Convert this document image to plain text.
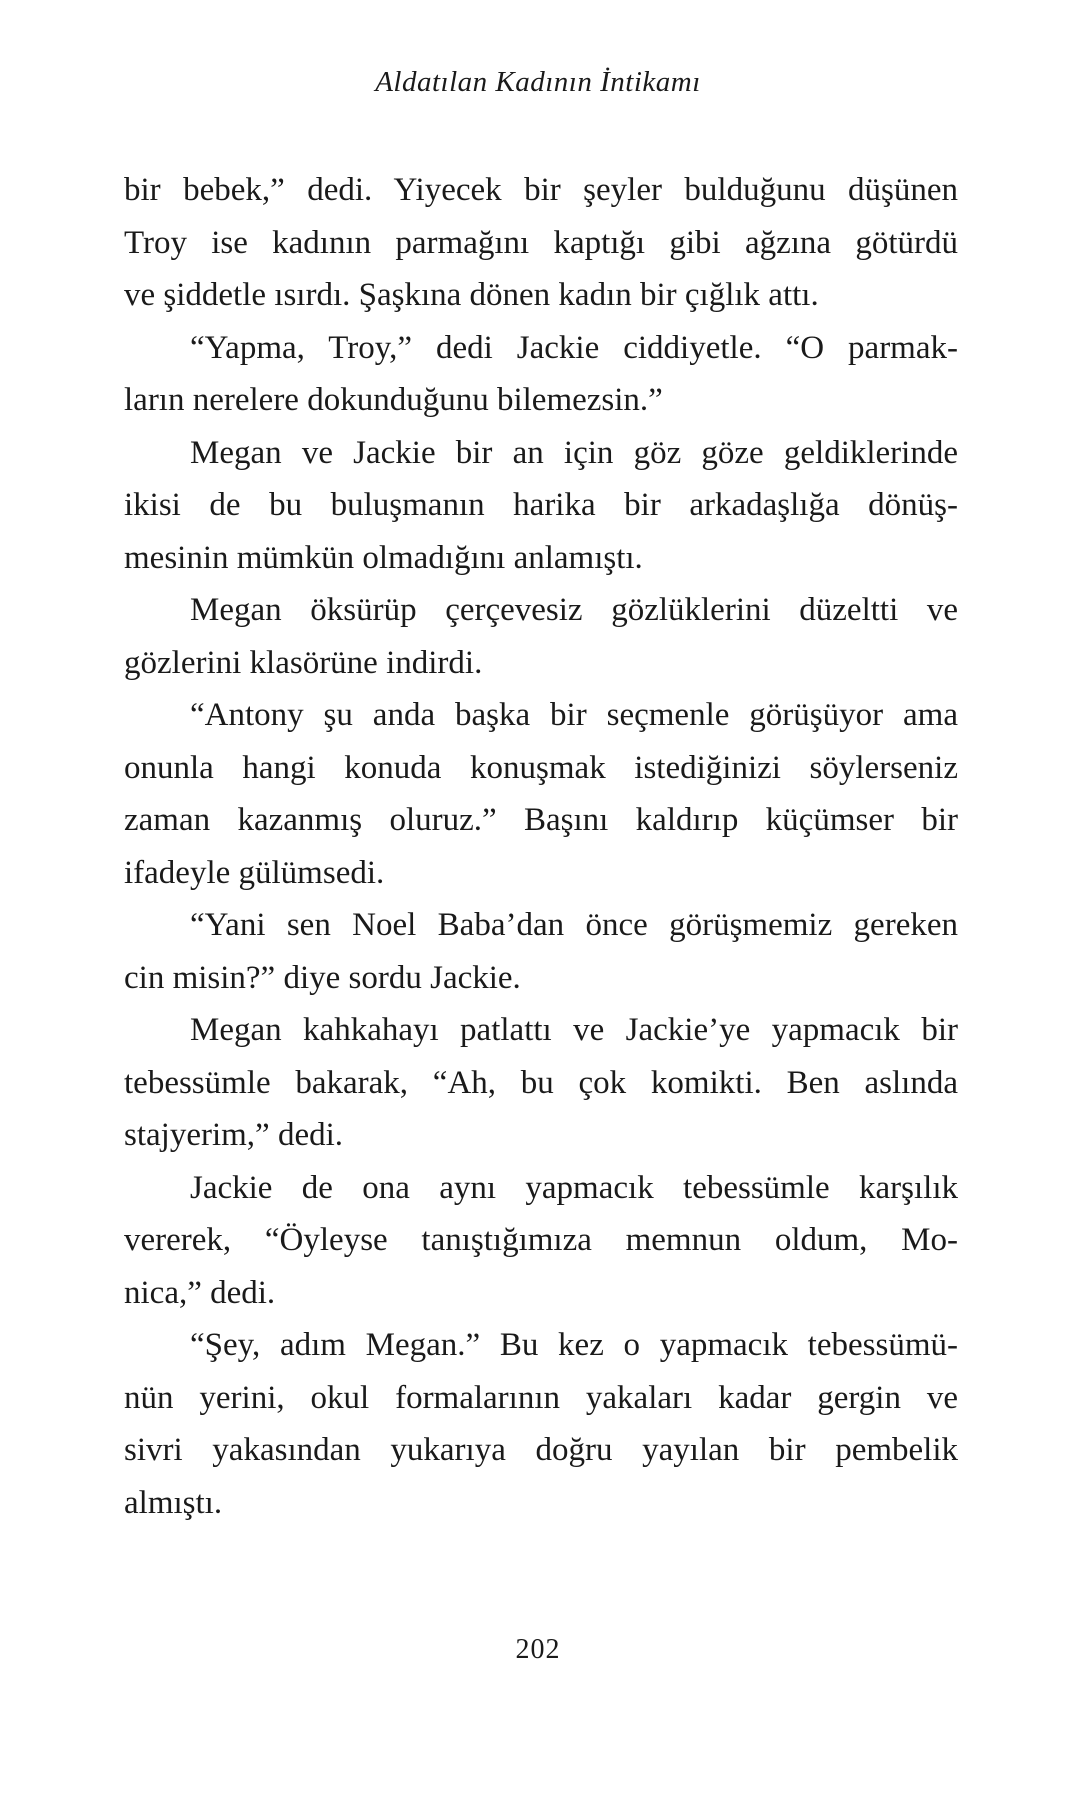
Aldatılan Kadının İntikamı
bir bebek,” dedi. Yiyecek bir şeyler bulduğunu düşünen
Troy ise kadının parmağını kaptığı gibi ağzına götürdü
ve şiddetle ısırdı. Şaşkına dönen kadın bir çığlık attı.
“Yapma, Troy,” dedi Jackie ciddiyetle. “O parmak-
ların nerelere dokunduğunu bilemezsin.”
Megan ve Jackie bir an için göz göze geldiklerinde
ikisi de bu buluşmanın harika bir arkadaşlığa dönüş-
mesinin mümkün olmadığını anlamıştı.
Megan öksürüp çerçevesiz gözlüklerini düzeltti ve
gözlerini klasörüne indirdi.
“Antony şu anda başka bir seçmenle görüşüyor ama
onunla hangi konuda konuşmak istediğinizi söylerseniz
zaman kazanmış oluruz.” Başını kaldırıp küçümser bir
ifadeyle gülümsedi.
“Yani sen Noel Baba’dan önce görüşmemiz gereken
cin misin?” diye sordu Jackie.
Megan kahkahayı patlattı ve Jackie’ye yapmacık bir
tebessümle bakarak, “Ah, bu çok komikti. Ben aslında
stajyerim,” dedi.
Jackie de ona aynı yapmacık tebessümle karşılık
vererek, “Öyleyse tanıştığımıza memnun oldum, Mo-
nica,” dedi.
“Şey, adım Megan.” Bu kez o yapmacık tebessümü-
nün yerini, okul formalarının yakaları kadar gergin ve
sivri yakasından yukarıya doğru yayılan bir pembelik
almıştı.
202
